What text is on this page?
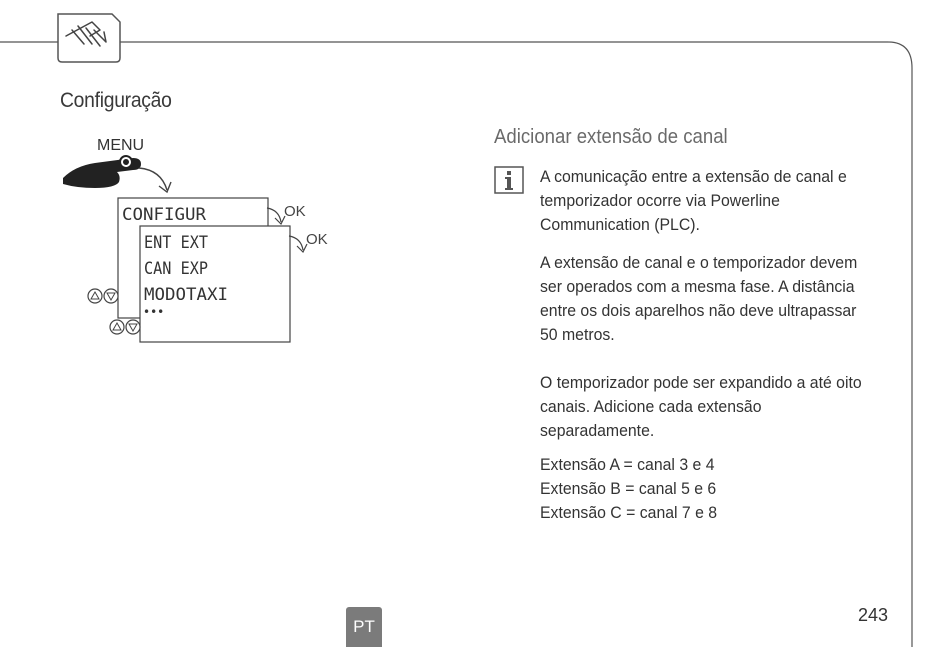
Configuração
MENU
CONFIGUR	OK
ENT EXT
CAN EXP
MODOTAXI
•••
OK
Adicionar extensão de canal

A comunicação entre a extensão de canal e temporizador ocorre via Powerline Communication (PLC).

A extensão de canal e o temporizador devem ser operados com a mesma fase. A distância entre os dois aparelhos não deve ultrapassar 50 metros.

O temporizador pode ser expandido a até oito canais. Adicione cada extensão separadamente.

Extensão A = canal 3 e 4
Extensão B = canal 5 e 6
Extensão C = canal 7 e 8
PT
243
